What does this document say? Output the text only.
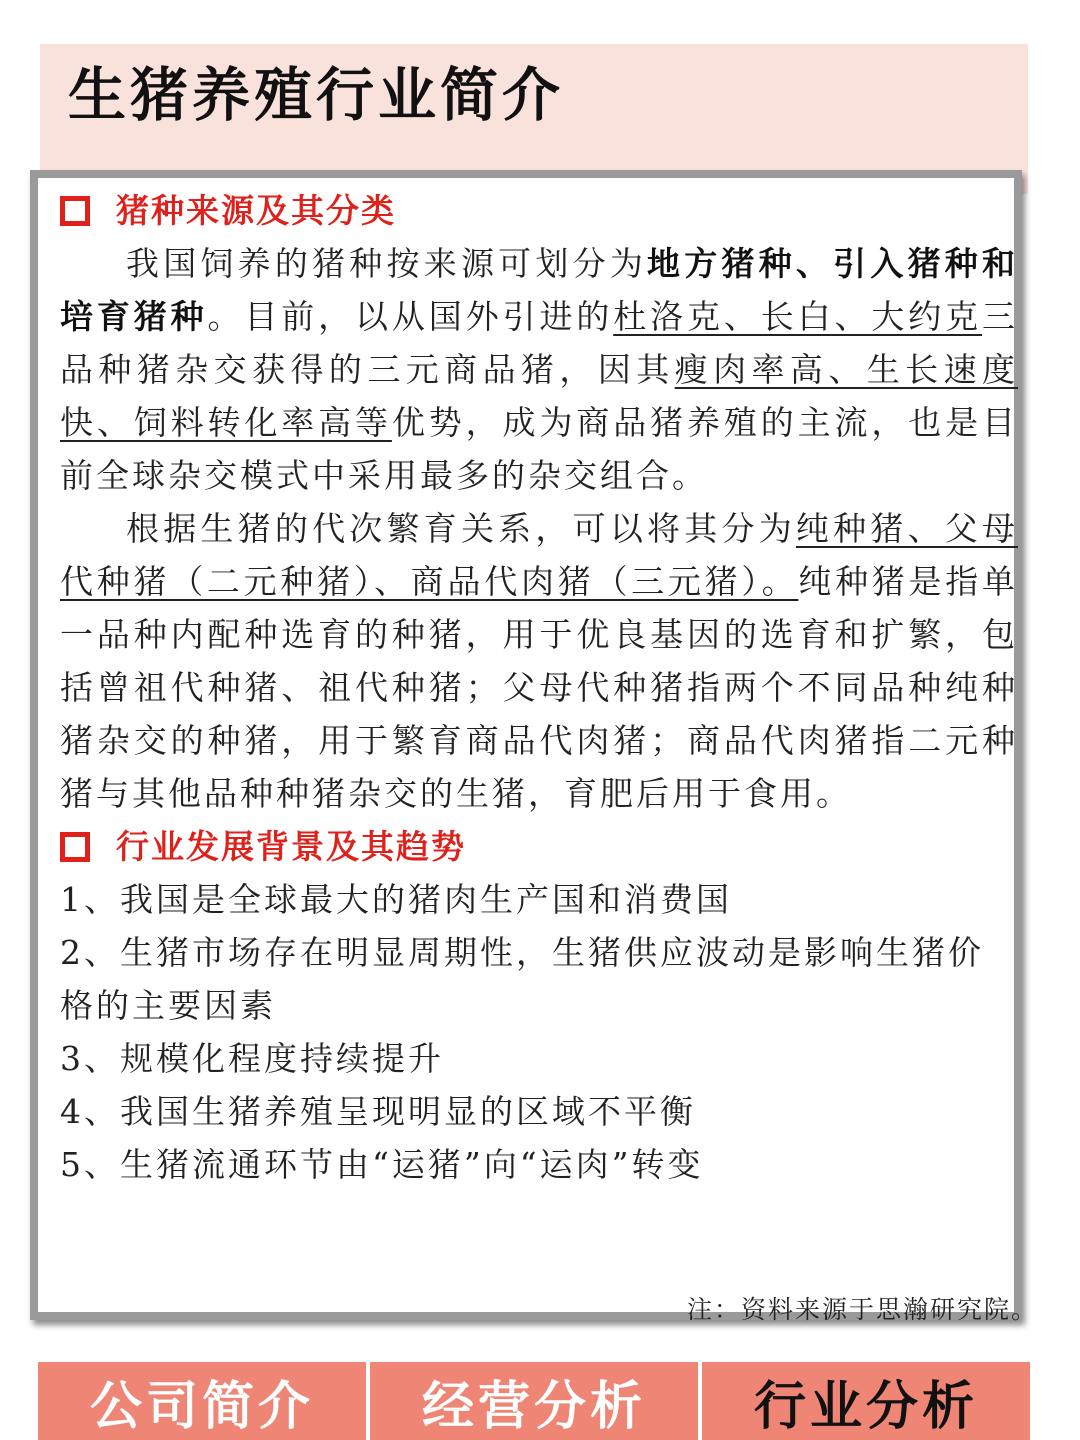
生猪养殖行业简介
猪种来源及其分类

我国饲养的猪种按来源可划分为地方猪种、引入猪种和培育猪种。目前，以从国外引进的杜洛克、长白、大约克三品种猪杂交获得的三元商品猪，因其瘦肉率高、生长速度快、饲料转化率高等优势，成为商品猪养殖的主流，也是目前全球杂交模式中采用最多的杂交组合。

根据生猪的代次繁育关系，可以将其分为纯种猪、父母代种猪（二元种猪）、商品代肉猪（三元猪）。纯种猪是指单一品种内配种选育的种猪，用于优良基因的选育和扩繁，包括曾祖代种猪、祖代种猪；父母代种猪指两个不同品种纯种猪杂交的种猪，用于繁育商品代肉猪；商品代肉猪指二元种猪与其他品种种猪杂交的生猪，育肥后用于食用。

行业发展背景及其趋势
1、我国是全球最大的猪肉生产国和消费国
2、生猪市场存在明显周期性，生猪供应波动是影响生猪价格的主要因素
3、规模化程度持续提升
4、我国生猪养殖呈现明显的区域不平衡
5、生猪流通环节由“运猪”向“运肉”转变
注：资料来源于思瀚研究院。
公司简介	经营分析	行业分析
